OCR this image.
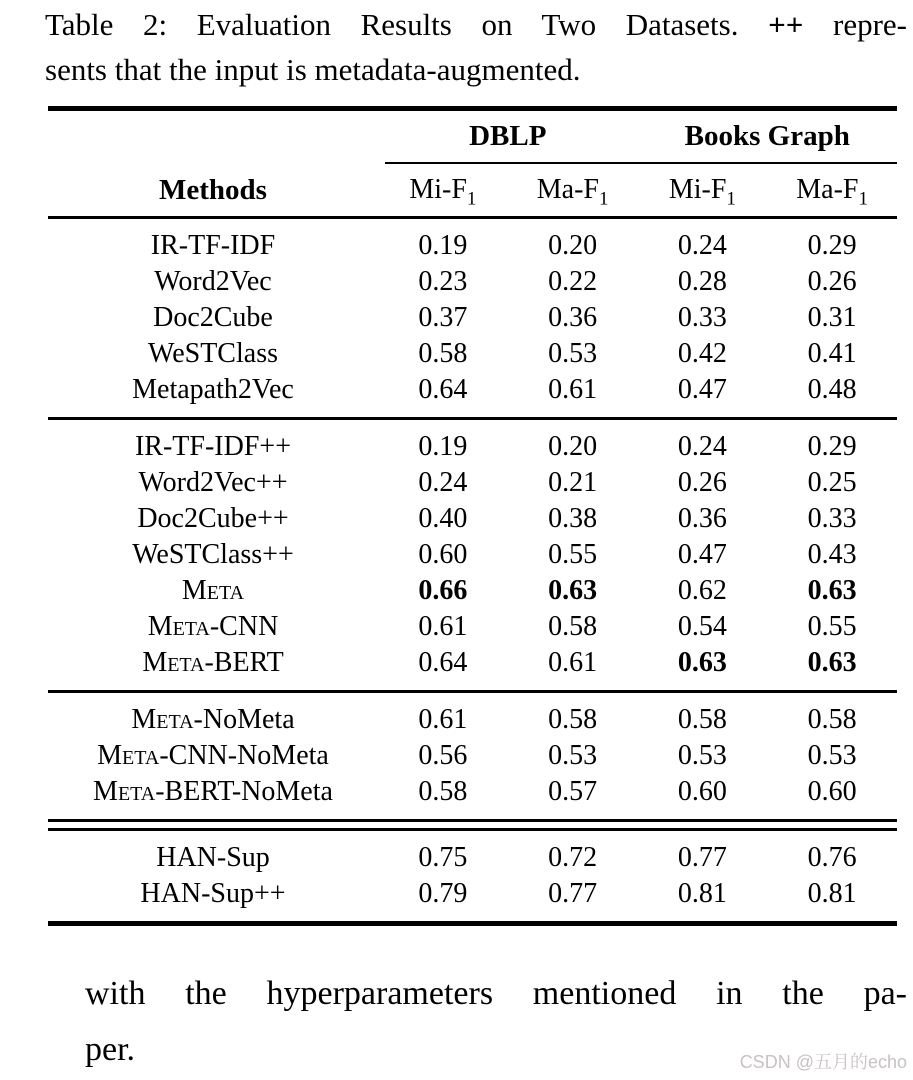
Table 2: Evaluation Results on Two Datasets. ++ repre-
sents that the input is metadata-augmented.
DBLP	Books Graph
Methods	$Mi-F_1$	$Ma-F_1$	$Mi-F_1$	$Ma-F_1$
IR-TF-IDF	0.19	0.20	0.24	0.29
Word2Vec	0.23	0.22	0.28	0.26
Doc2Cube	0.37	0.36	0.33	0.31
WeSTClass	0.58	0.53	0.42	0.41
Metapath2Vec	0.64	0.61	0.47	0.48
IR-TF-IDF++	0.19	0.20	0.24	0.29
Word2Vec++	0.24	0.21	0.26	0.25
Doc2Cube++	0.40	0.38	0.36	0.33
WeSTClass++	0.60	0.55	0.47	0.43
Meta	0.66	0.63	0.62	0.63
Meta-CNN	0.61	0.58	0.54	0.55
Meta-BERT	0.64	0.61	0.63	0.63
Meta-NoMeta	0.61	0.58	0.58	0.58
Meta-CNN-NoMeta	0.56	0.53	0.53	0.53
Meta-BERT-NoMeta	0.58	0.57	0.60	0.60
HAN-Sup	0.75	0.72	0.77	0.76
HAN-Sup++	0.79	0.77	0.81	0.81
with the hyperparameters mentioned in the pa-
per.	CSDN @五月的echo
